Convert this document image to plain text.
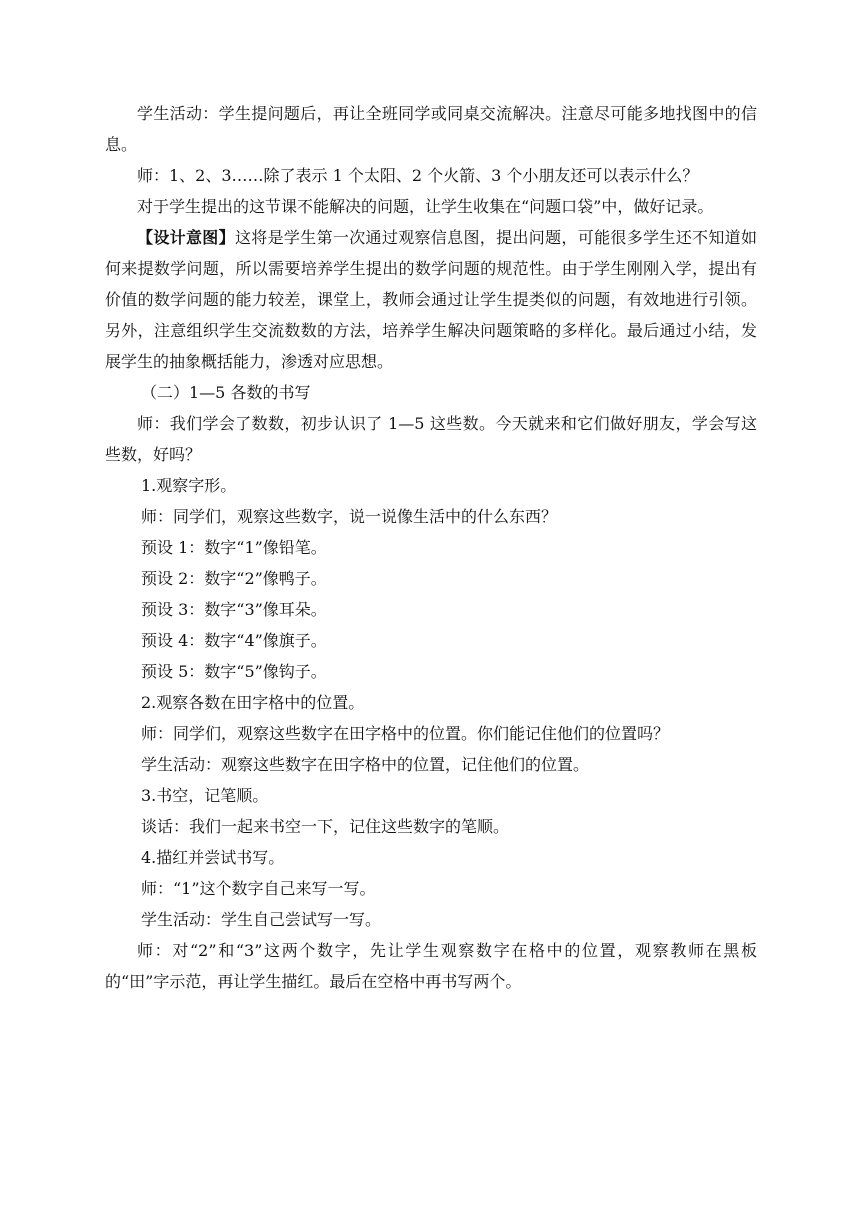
学生活动：学生提问题后，再让全班同学或同桌交流解决。注意尽可能多地找图中的信息。

师：1、2、3……除了表示 1 个太阳、2 个火箭、3 个小朋友还可以表示什么？

对于学生提出的这节课不能解决的问题，让学生收集在“问题口袋”中，做好记录。

【设计意图】这将是学生第一次通过观察信息图，提出问题，可能很多学生还不知道如何来提数学问题，所以需要培养学生提出的数学问题的规范性。由于学生刚刚入学，提出有价值的数学问题的能力较差，课堂上，教师会通过让学生提类似的问题，有效地进行引领。另外，注意组织学生交流数数的方法，培养学生解决问题策略的多样化。最后通过小结，发展学生的抽象概括能力，渗透对应思想。

（二）1—5 各数的书写

师：我们学会了数数，初步认识了 1—5 这些数。今天就来和它们做好朋友，学会写这些数，好吗？

1.观察字形。

师：同学们，观察这些数字，说一说像生活中的什么东西？

预设 1：数字“1”像铅笔。

预设 2：数字“2”像鸭子。

预设 3：数字“3”像耳朵。

预设 4：数字“4”像旗子。

预设 5：数字“5”像钩子。

2.观察各数在田字格中的位置。

师：同学们，观察这些数字在田字格中的位置。你们能记住他们的位置吗？

学生活动：观察这些数字在田字格中的位置，记住他们的位置。

3.书空，记笔顺。

谈话：我们一起来书空一下，记住这些数字的笔顺。

4.描红并尝试书写。

师：“1”这个数字自己来写一写。

学生活动：学生自己尝试写一写。

师：对“2”和“3”这两个数字，先让学生观察数字在格中的位置，观察教师在黑板的“田”字示范，再让学生描红。最后在空格中再书写两个。
